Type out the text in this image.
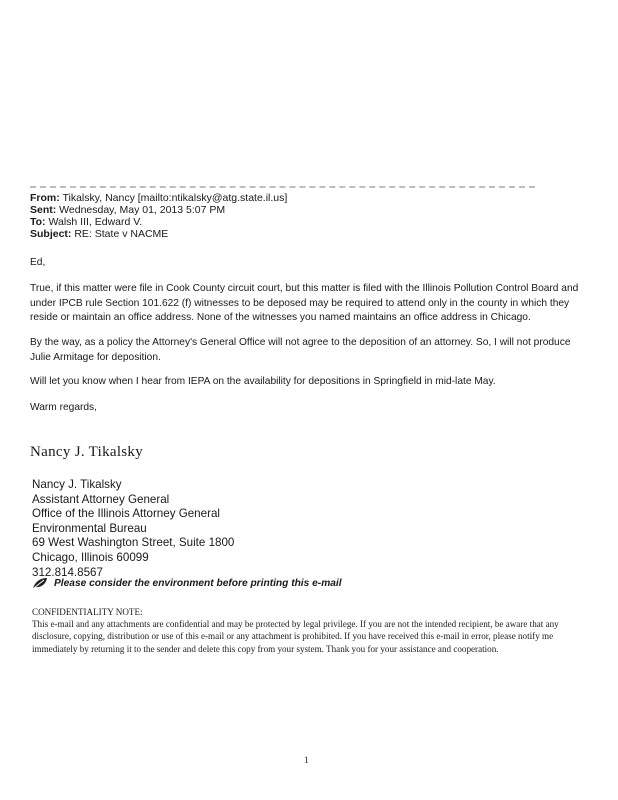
From: Tikalsky, Nancy [mailto:ntikalsky@atg.state.il.us]
Sent: Wednesday, May 01, 2013 5:07 PM
To: Walsh III, Edward V.
Subject: RE: State v NACME
Ed,
True, if this matter were file in Cook County circuit court, but this matter is filed with the Illinois Pollution Control Board and under IPCB rule Section 101.622 (f) witnesses to be deposed may be required to attend only in the county in which they reside or maintain an office address. None of the witnesses you named maintains an office address in Chicago.
By the way, as a policy the Attorney's General Office will not agree to the deposition of an attorney. So, I will not produce Julie Armitage for deposition.
Will let you know when I hear from IEPA on the availability for depositions in Springfield in mid-late May.
Warm regards,
Nancy J. Tikalsky
Nancy J. Tikalsky
Assistant Attorney General
Office of the Illinois Attorney General
Environmental Bureau
69 West Washington Street, Suite 1800
Chicago, Illinois 60099
312.814.8567
Please consider the environment before printing this e-mail
CONFIDENTIALITY NOTE:
This e-mail and any attachments are confidential and may be protected by legal privilege. If you are not the intended recipient, be aware that any disclosure, copying, distribution or use of this e-mail or any attachment is prohibited. If you have received this e-mail in error, please notify me immediately by returning it to the sender and delete this copy from your system. Thank you for your assistance and cooperation.
1
